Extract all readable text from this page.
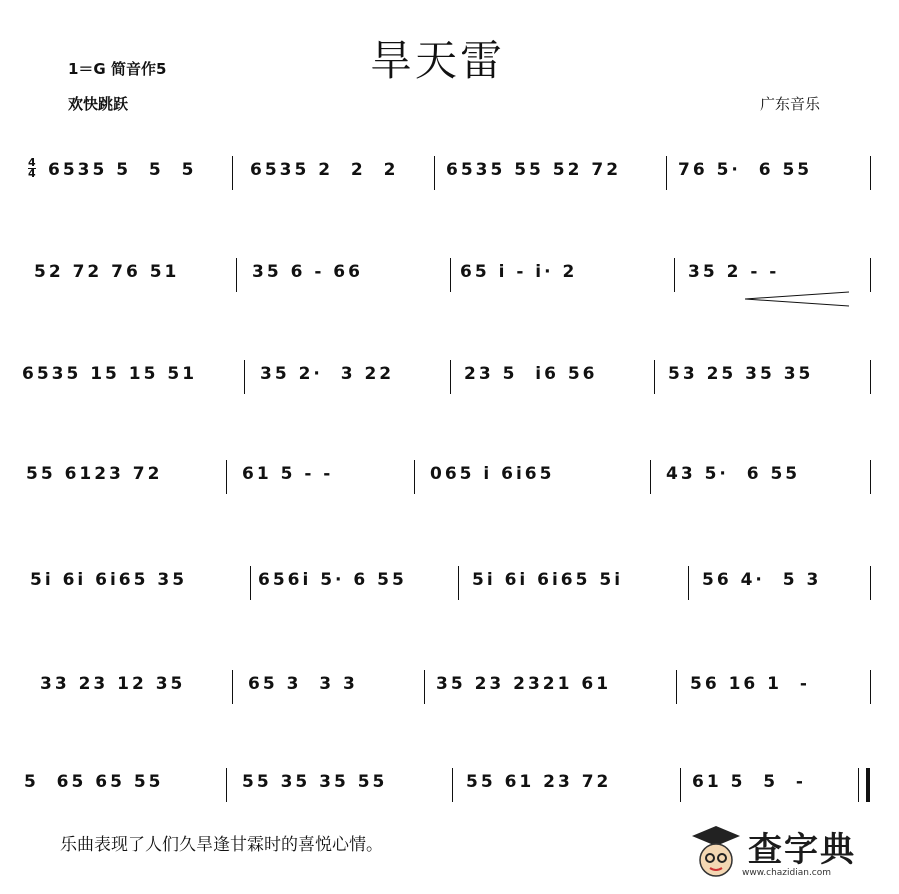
旱天雷
1＝G 简音作5
欢快跳跃	广东音乐
4
4 6535 5  5  5	6535 2  2  2	6535 55 52 72	76 5·  6 55
52 72 76 51	35 6 - 66	65 i - i· 2	35 2 - -
6535 15 15 51	35 2·  3 22	23 5  i6 56	53 25 35 35
55 6123 72	61 5 - -	065 i 6i65	43 5·  6 55
5i 6i 6i65 35	656i 5· 6 55	5i 6i 6i65 5i	56 4·  5 3
33 23 12 35	65 3  3 3	35 23 2321 61	56 16 1  -
5  65 65 55	55 35 35 55	55 61 23 72	61 5  5  -
乐曲表现了人们久旱逢甘霖时的喜悦心情。	查字典
www.chazidian.com
